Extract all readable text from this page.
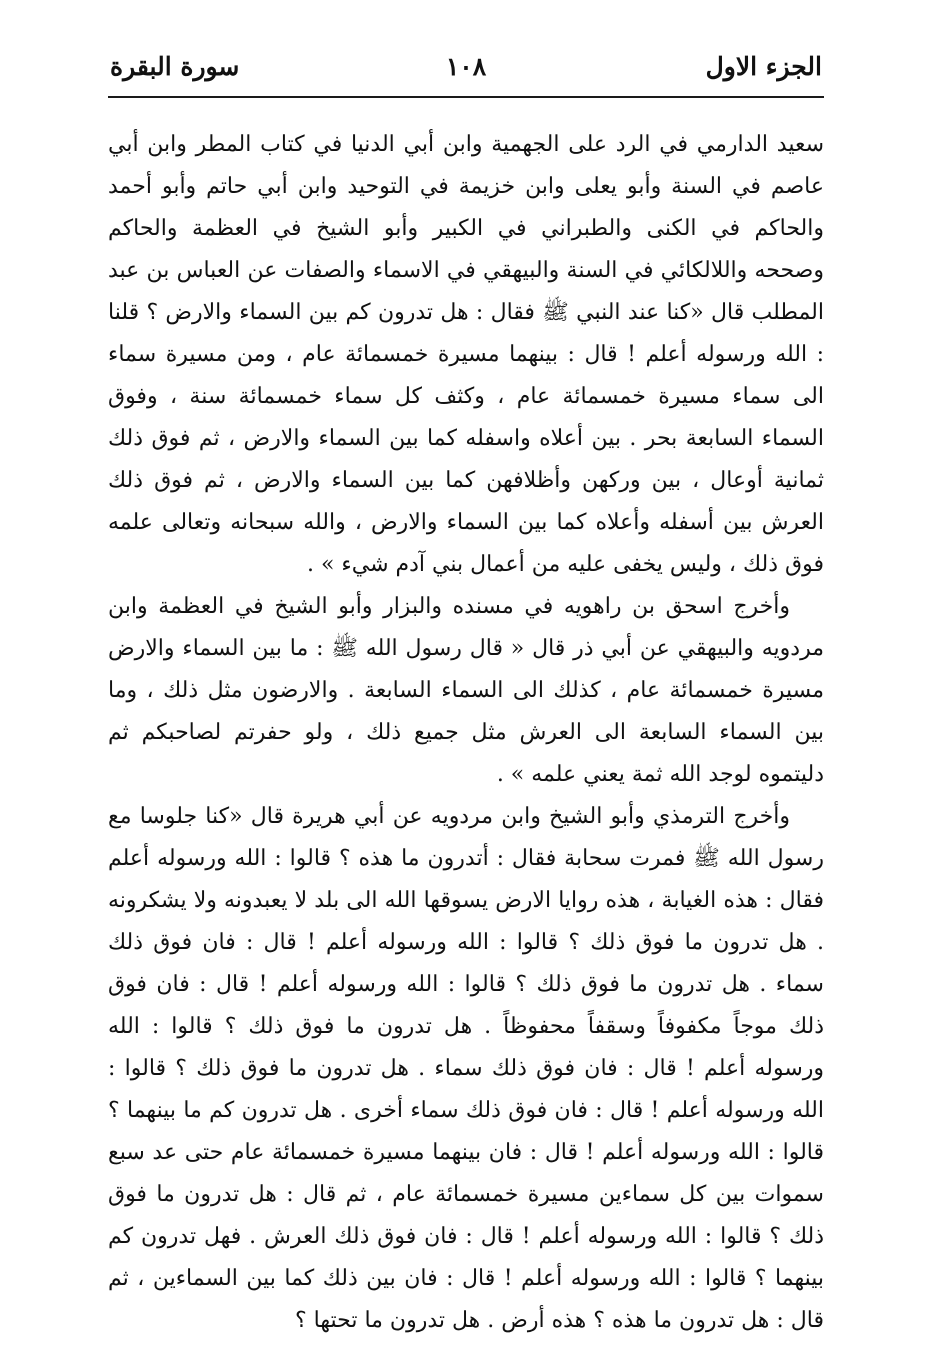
الجزء الاول
١٠٨
سورة البقرة

سعيد الدارمي في الرد على الجهمية وابن أبي الدنيا في كتاب المطر وابن أبي عاصم في السنة وأبو يعلى وابن خزيمة في التوحيد وابن أبي حاتم وأبو أحمد والحاكم في الكنى والطبراني في الكبير وأبو الشيخ في العظمة والحاكم وصححه واللالكائي في السنة والبيهقي في الاسماء والصفات عن العباس بن عبد المطلب قال «كنا عند النبي ﷺ فقال : هل تدرون كم بين السماء والارض ؟ قلنا : الله ورسوله أعلم ! قال : بينهما مسيرة خمسمائة عام ، ومن مسيرة سماء الى سماء مسيرة خمسمائة عام ، وكثف كل سماء خمسمائة سنة ، وفوق السماء السابعة بحر . بين أعلاه واسفله كما بين السماء والارض ، ثم فوق ذلك ثمانية أوعال ، بين وركهن وأظلافهن كما بين السماء والارض ، ثم فوق ذلك العرش بين أسفله وأعلاه كما بين السماء والارض ، والله سبحانه وتعالى علمه فوق ذلك ، وليس يخفى عليه من أعمال بني آدم شيء » .

وأخرج اسحق بن راهويه في مسنده والبزار وأبو الشيخ في العظمة وابن مردويه والبيهقي عن أبي ذر قال « قال رسول الله ﷺ : ما بين السماء والارض مسيرة خمسمائة عام ، كذلك الى السماء السابعة . والارضون مثل ذلك ، وما بين السماء السابعة الى العرش مثل جميع ذلك ، ولو حفرتم لصاحبكم ثم دليتموه لوجد الله ثمة يعني علمه » .

وأخرج الترمذي وأبو الشيخ وابن مردويه عن أبي هريرة قال «كنا جلوسا مع رسول الله ﷺ فمرت سحابة فقال : أتدرون ما هذه ؟ قالوا : الله ورسوله أعلم فقال : هذه الغيابة ، هذه روايا الارض يسوقها الله الى بلد لا يعبدونه ولا يشكرونه . هل تدرون ما فوق ذلك ؟ قالوا : الله ورسوله أعلم ! قال : فان فوق ذلك سماء . هل تدرون ما فوق ذلك ؟ قالوا : الله ورسوله أعلم ! قال : فان فوق ذلك موجاً مكفوفاً وسقفاً محفوظاً . هل تدرون ما فوق ذلك ؟ قالوا : الله ورسوله أعلم ! قال : فان فوق ذلك سماء . هل تدرون ما فوق ذلك ؟ قالوا : الله ورسوله أعلم ! قال : فان فوق ذلك سماء أخرى . هل تدرون كم ما بينهما ؟ قالوا : الله ورسوله أعلم ! قال : فان بينهما مسيرة خمسمائة عام حتى عد سبع سموات بين كل سماءين مسيرة خمسمائة عام ، ثم قال : هل تدرون ما فوق ذلك ؟ قالوا : الله ورسوله أعلم ! قال : فان فوق ذلك العرش . فهل تدرون كم بينهما ؟ قالوا : الله ورسوله أعلم ! قال : فان بين ذلك كما بين السماءين ، ثم قال : هل تدرون ما هذه ؟ هذه أرض . هل تدرون ما تحتها ؟
